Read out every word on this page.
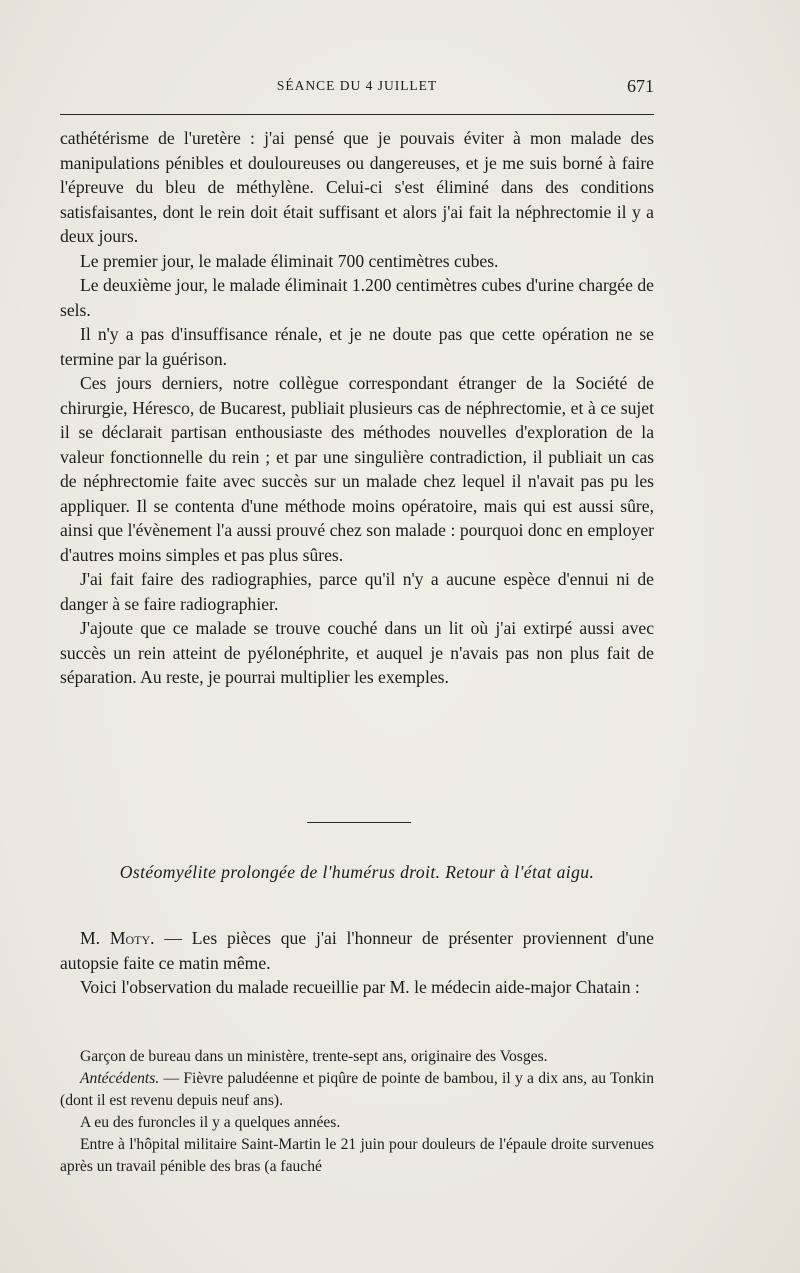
SÉANCE DU 4 JUILLET	671

cathétérisme de l'uretère : j'ai pensé que je pouvais éviter à mon malade des manipulations pénibles et douloureuses ou dangereuses, et je me suis borné à faire l'épreuve du bleu de méthylène. Celui-ci s'est éliminé dans des conditions satisfaisantes, dont le rein doit était suffisant et alors j'ai fait la néphrectomie il y a deux jours.

Le premier jour, le malade éliminait 700 centimètres cubes.

Le deuxième jour, le malade éliminait 1.200 centimètres cubes d'urine chargée de sels.

Il n'y a pas d'insuffisance rénale, et je ne doute pas que cette opération ne se termine par la guérison.

Ces jours derniers, notre collègue correspondant étranger de la Société de chirurgie, Héresco, de Bucarest, publiait plusieurs cas de néphrectomie, et à ce sujet il se déclarait partisan enthousiaste des méthodes nouvelles d'exploration de la valeur fonctionnelle du rein ; et par une singulière contradiction, il publiait un cas de néphrectomie faite avec succès sur un malade chez lequel il n'avait pas pu les appliquer. Il se contenta d'une méthode moins opératoire, mais qui est aussi sûre, ainsi que l'évènement l'a aussi prouvé chez son malade : pourquoi donc en employer d'autres moins simples et pas plus sûres.

J'ai fait faire des radiographies, parce qu'il n'y a aucune espèce d'ennui ni de danger à se faire radiographier.

J'ajoute que ce malade se trouve couché dans un lit où j'ai extirpé aussi avec succès un rein atteint de pyélonéphrite, et auquel je n'avais pas non plus fait de séparation. Au reste, je pourrai multiplier les exemples.

Ostéomyélite prolongée de l'humérus droit. Retour à l'état aigu.

M. Moty. — Les pièces que j'ai l'honneur de présenter proviennent d'une autopsie faite ce matin même.

Voici l'observation du malade recueillie par M. le médecin aide-major Chatain :

Garçon de bureau dans un ministère, trente-sept ans, originaire des Vosges.

Antécédents. — Fièvre paludéenne et piqûre de pointe de bambou, il y a dix ans, au Tonkin (dont il est revenu depuis neuf ans).

A eu des furoncles il y a quelques années.

Entre à l'hôpital militaire Saint-Martin le 21 juin pour douleurs de l'épaule droite survenues après un travail pénible des bras (a fauché
